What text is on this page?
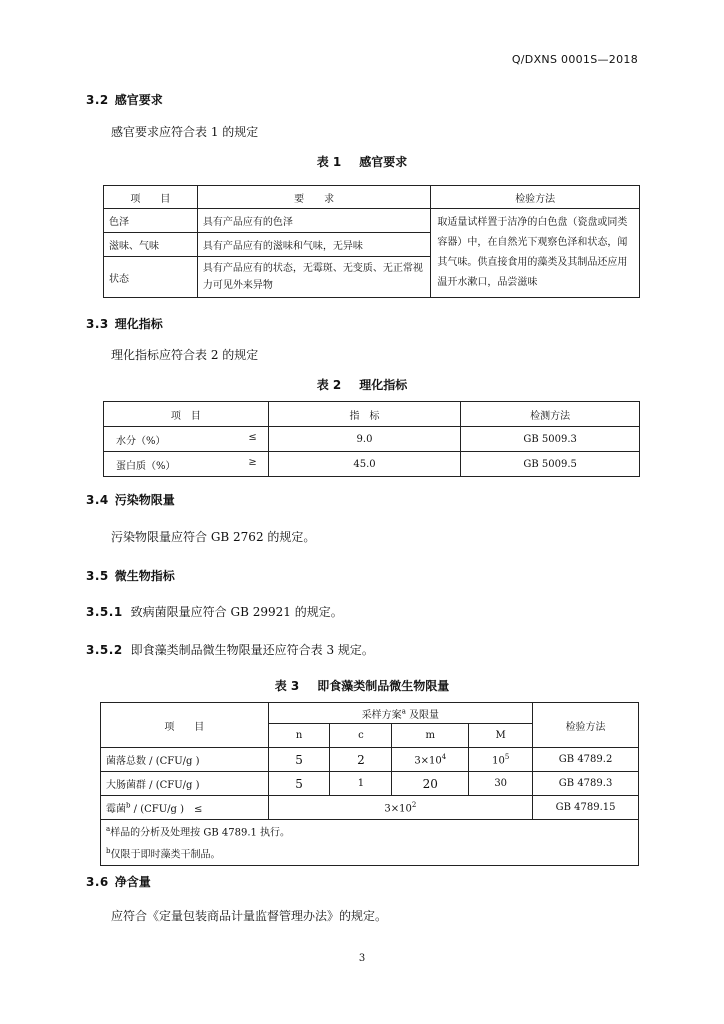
Q/DXNS 0001S—2018
3.2 感官要求
感官要求应符合表 1 的规定
表 1 感官要求
项　　目	要　　求	检验方法
色泽	具有产品应有的色泽	取适量试样置于洁净的白色盘（瓷盘或同类容器）中，在自然光下观察色泽和状态，闻其气味。供直接食用的藻类及其制品还应用温开水漱口，品尝滋味
滋味、气味	具有产品应有的滋味和气味，无异味	
状态	具有产品应有的状态，无霉斑、无变质、无正常视力可见外来异物	
3.3 理化指标
理化指标应符合表 2 的规定
表 2 理化指标
项　目	指　标	检测方法
水分（%） ≤	9.0	GB 5009.3
蛋白质（%） ≥	45.0	GB 5009.5
3.4 污染物限量
污染物限量应符合 GB 2762 的规定。
3.5 微生物指标
3.5.1 致病菌限量应符合 GB 29921 的规定。
3.5.2 即食藻类制品微生物限量还应符合表 3 规定。
表 3 即食藻类制品微生物限量
项　　目	采样方案$^a$ 及限量				检验方法
	n	c	m	M	
菌落总数 / (CFU/g )	5	2	$3\times 10^4$	$10^5$	GB 4789.2
大肠菌群 / (CFU/g )	5	1	20	30	GB 4789.3
霉菌$^b$ / (CFU/g )　≤	$3\times 10^2$				GB 4789.15

$^a$样品的分析及处理按 GB 4789.1 执行。
$^b$仅限于即时藻类干制品。					
3.6 净含量
应符合《定量包装商品计量监督管理办法》的规定。
3
